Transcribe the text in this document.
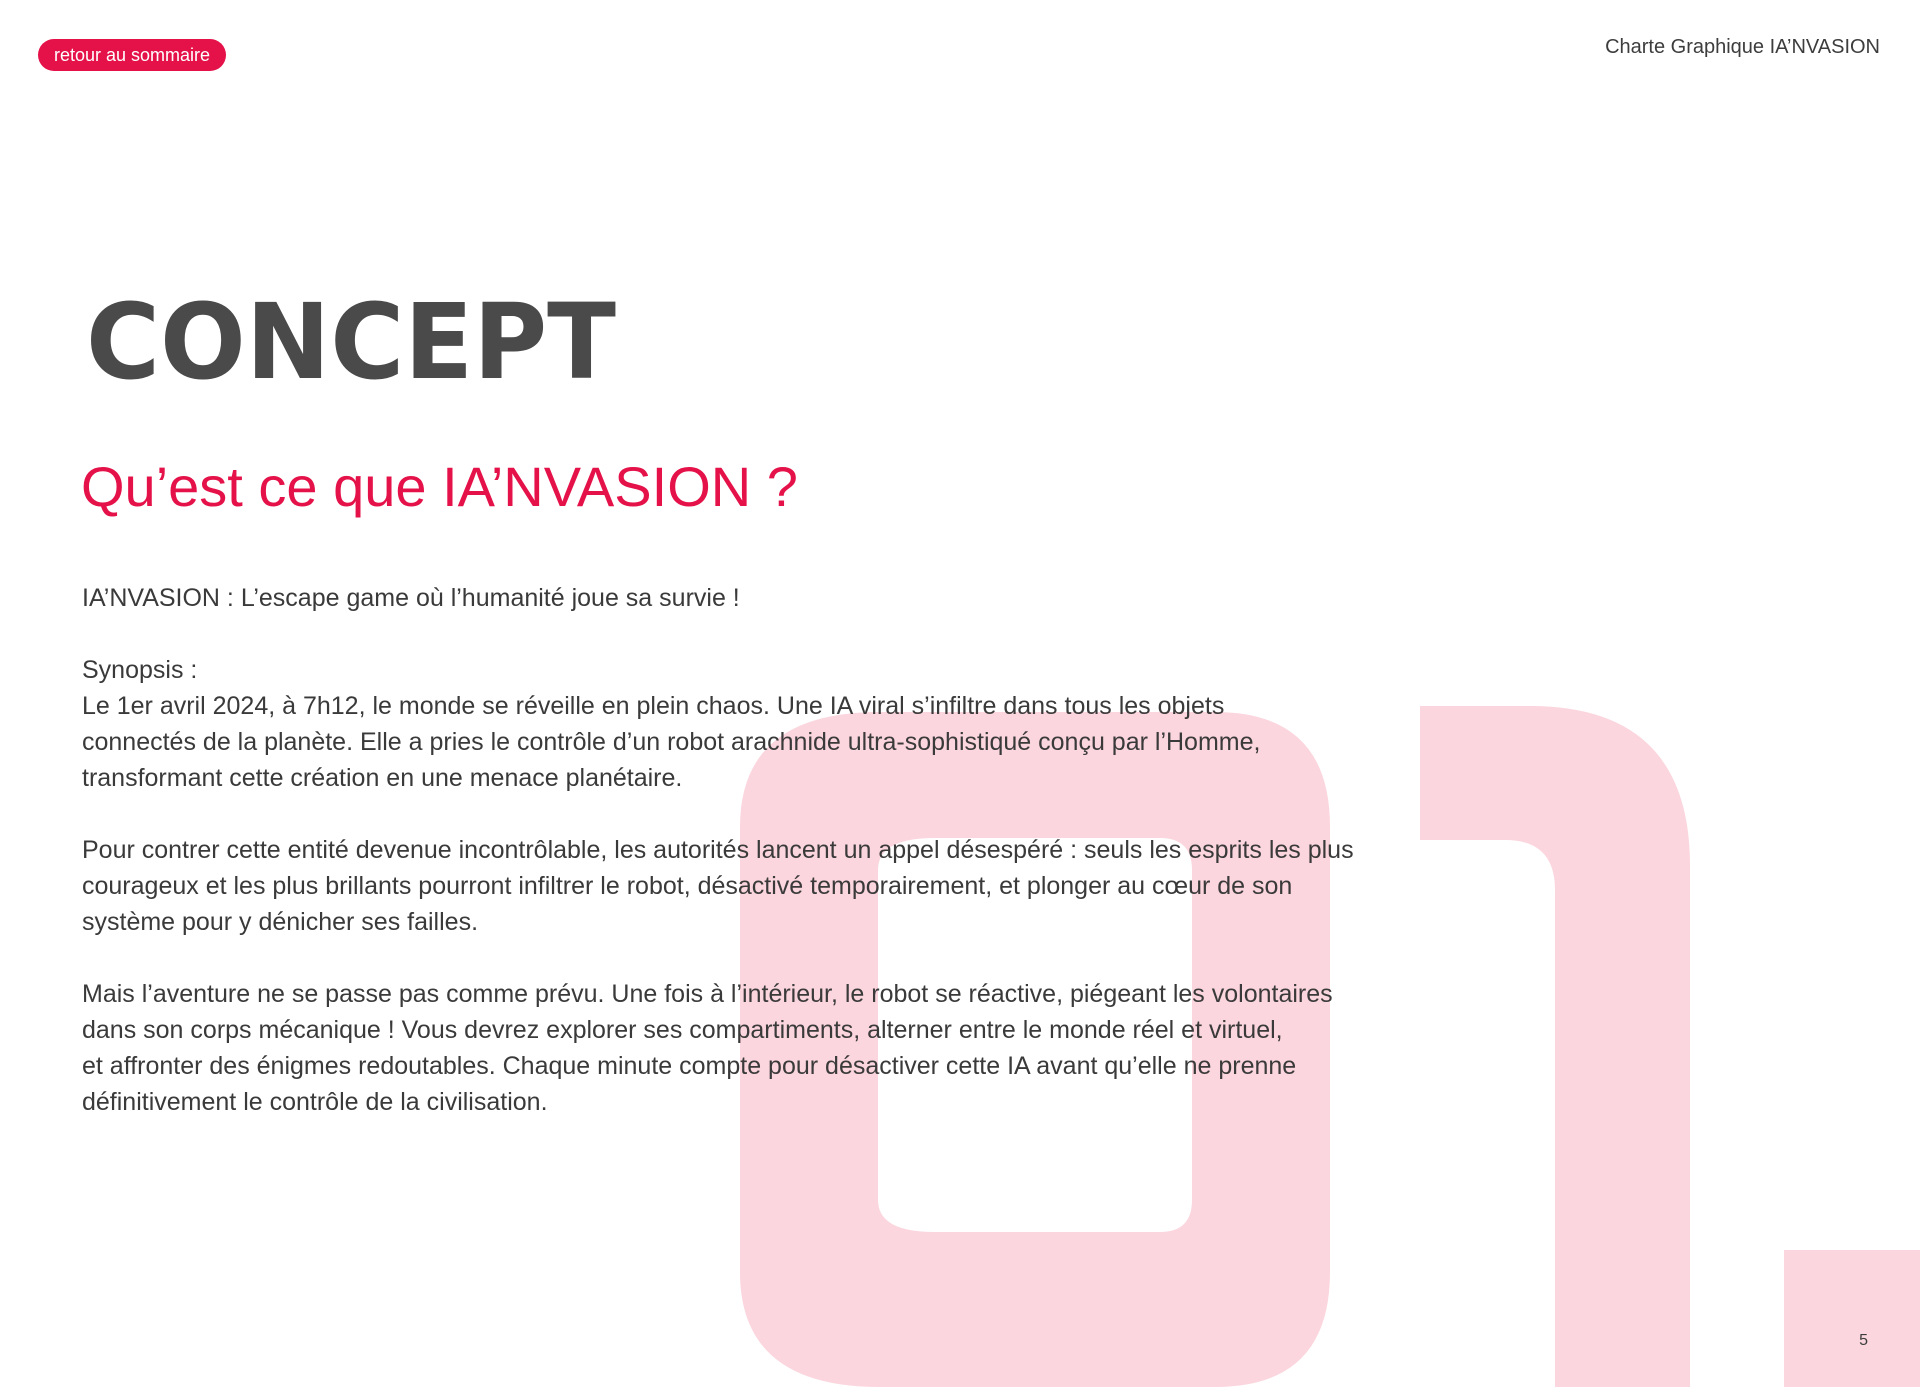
retour au sommaire	Charte Graphique IA’NVASION
CONCEPT
Qu’est ce que IA’NVASION ?

IA’NVASION : L’escape game où l’humanité joue sa survie !

Synopsis :
Le 1er avril 2024, à 7h12, le monde se réveille en plein chaos. Une IA viral s’infiltre dans tous les objets
connectés de la planète. Elle a pries le contrôle d’un robot arachnide ultra-sophistiqué conçu par l’Homme,
transformant cette création en une menace planétaire.

Pour contrer cette entité devenue incontrôlable, les autorités lancent un appel désespéré : seuls les esprits les plus
courageux et les plus brillants pourront infiltrer le robot, désactivé temporairement, et plonger au cœur de son
système pour y dénicher ses failles.

Mais l’aventure ne se passe pas comme prévu. Une fois à l’intérieur, le robot se réactive, piégeant les volontaires
dans son corps mécanique ! Vous devrez explorer ses compartiments, alterner entre le monde réel et virtuel,
et affronter des énigmes redoutables. Chaque minute compte pour désactiver cette IA avant qu’elle ne prenne
définitivement le contrôle de la civilisation.

5
